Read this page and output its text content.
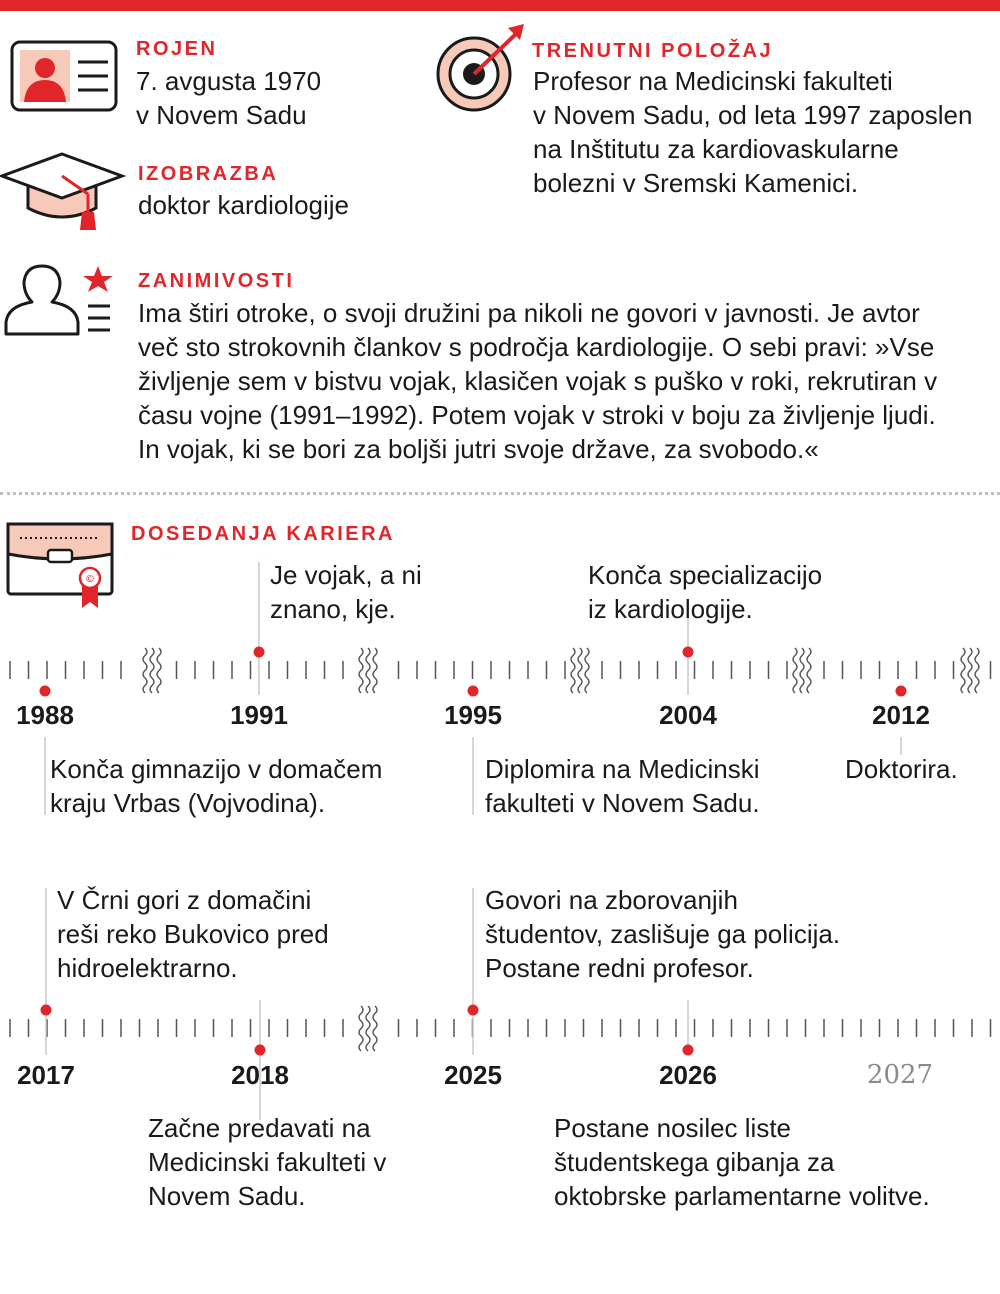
ROJEN
7. avgusta 1970
v Novem Sadu
TRENUTNI POLOŽAJ
Profesor na Medicinski fakulteti
v Novem Sadu, od leta 1997 zaposlen
na Inštitutu za kardiovaskularne
bolezni v Sremski Kamenici.
IZOBRAZBA
doktor kardiologije
ZANIMIVOSTI
Ima štiri otroke, o svoji družini pa nikoli ne govori v javnosti. Je avtor
več sto strokovnih člankov s področja kardiologije. O sebi pravi: »Vse
življenje sem v bistvu vojak, klasičen vojak s puško v roki, rekrutiran v
času vojne (1991–1992). Potem vojak v stroki v boju za življenje ljudi.
In vojak, ki se bori za boljši jutri svoje države, za svobodo.«
©
DOSEDANJA KARIERA
1988
Konča gimnazijo v domačem
kraju Vrbas (Vojvodina).
1991
Je vojak, a ni
znano, kje.
1995
Diplomira na Medicinski
fakulteti v Novem Sadu.
2004
Konča specializacijo
iz kardiologije.
2012
Doktorira.
2017
V Črni gori z domačini
reši reko Bukovico pred
hidroelektrarno.
2018
Začne predavati na
Medicinski fakulteti v
Novem Sadu.
2025
Govori na zborovanjih
študentov, zaslišuje ga policija.
Postane redni profesor.
2026
Postane nosilec liste
študentskega gibanja za
oktobrske parlamentarne volitve.
2027
